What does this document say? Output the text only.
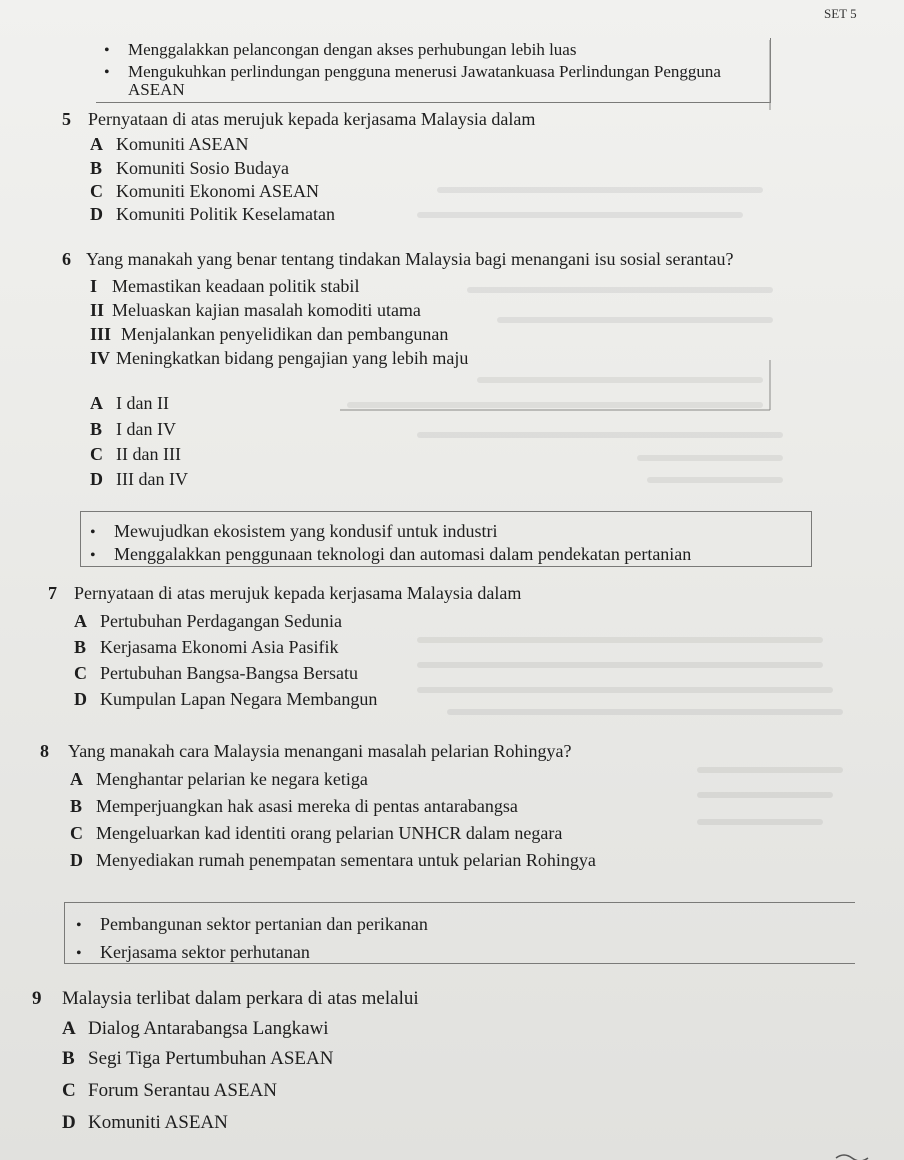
SET 5
• Menggalakkan pelancongan dengan akses perhubungan lebih luas
• Mengukuhkan perlindungan pengguna menerusi Jawatankuasa Perlindungan Pengguna
ASEAN
5 Pernyataan di atas merujuk kepada kerjasama Malaysia dalam
A Komuniti ASEAN
B Komuniti Sosio Budaya
C Komuniti Ekonomi ASEAN
D Komuniti Politik Keselamatan
6 Yang manakah yang benar tentang tindakan Malaysia bagi menangani isu sosial serantau?
I Memastikan keadaan politik stabil
II Meluaskan kajian masalah komoditi utama
III Menjalankan penyelidikan dan pembangunan
IV Meningkatkan bidang pengajian yang lebih maju
A I dan II
B I dan IV
C II dan III
D III dan IV
• Mewujudkan ekosistem yang kondusif untuk industri
• Menggalakkan penggunaan teknologi dan automasi dalam pendekatan pertanian
7 Pernyataan di atas merujuk kepada kerjasama Malaysia dalam
A Pertubuhan Perdagangan Sedunia
B Kerjasama Ekonomi Asia Pasifik
C Pertubuhan Bangsa-Bangsa Bersatu
D Kumpulan Lapan Negara Membangun
8 Yang manakah cara Malaysia menangani masalah pelarian Rohingya?
A Menghantar pelarian ke negara ketiga
B Memperjuangkan hak asasi mereka di pentas antarabangsa
C Mengeluarkan kad identiti orang pelarian UNHCR dalam negara
D Menyediakan rumah penempatan sementara untuk pelarian Rohingya
• Pembangunan sektor pertanian dan perikanan
• Kerjasama sektor perhutanan
9 Malaysia terlibat dalam perkara di atas melalui
A Dialog Antarabangsa Langkawi
B Segi Tiga Pertumbuhan ASEAN
C Forum Serantau ASEAN
D Komuniti ASEAN
